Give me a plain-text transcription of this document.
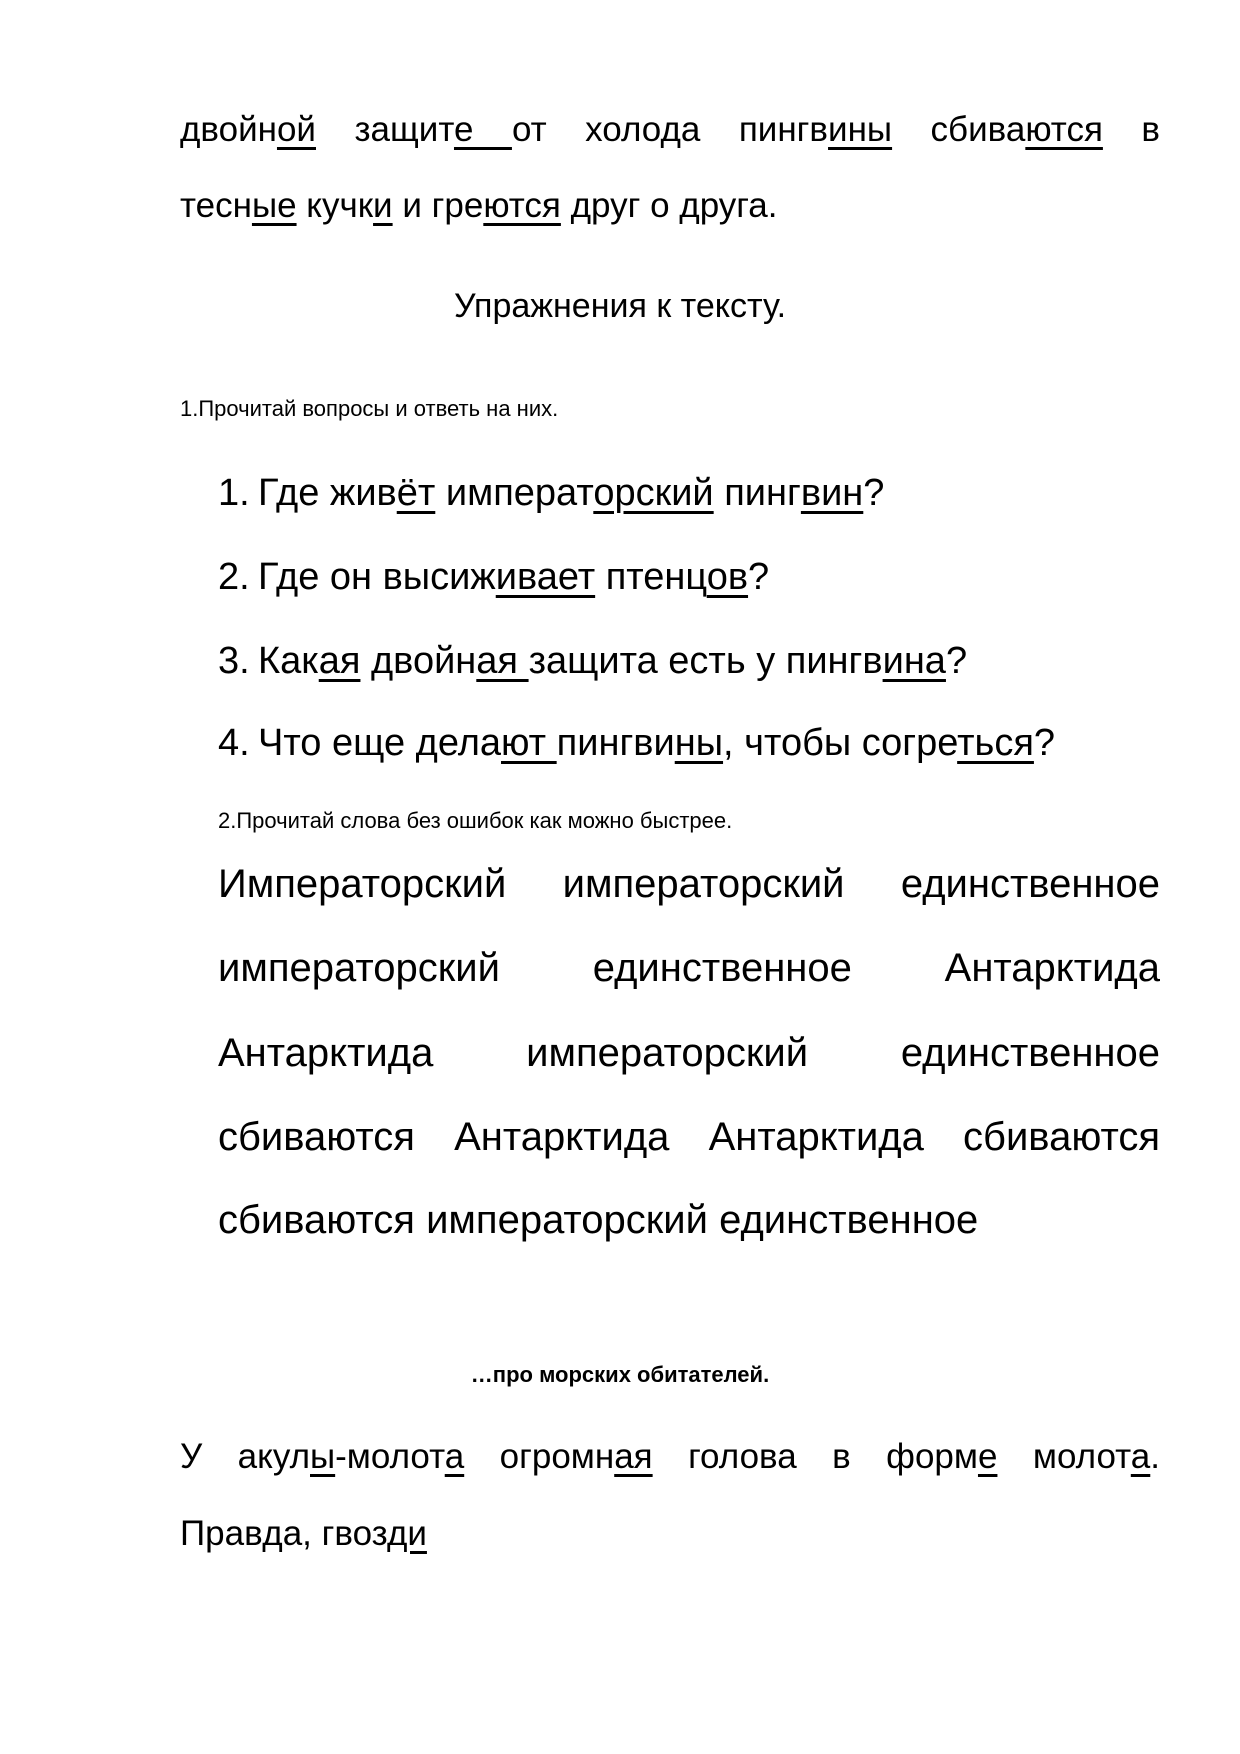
двойной защите от холода пингвины сбиваются в
тесные кучки и греются друг о друга.
Упражнения к тексту.
1.Прочитай вопросы и ответь на них.
1. Где живёт императорский пингвин?
2. Где он высиживает птенцов?
3. Какая двойная защита есть у пингвина?
4. Что еще делают пингвины, чтобы согреться?
2.Прочитай слова без ошибок как можно быстрее.
Императорский императорский единственное
императорский единственное Антарктида
Антарктида императорский единственное
сбиваются Антарктида Антарктида сбиваются
сбиваются императорский единственное
…про морских обитателей.
У акулы-молота огромная голова в форме молота.
Правда, гвозди
